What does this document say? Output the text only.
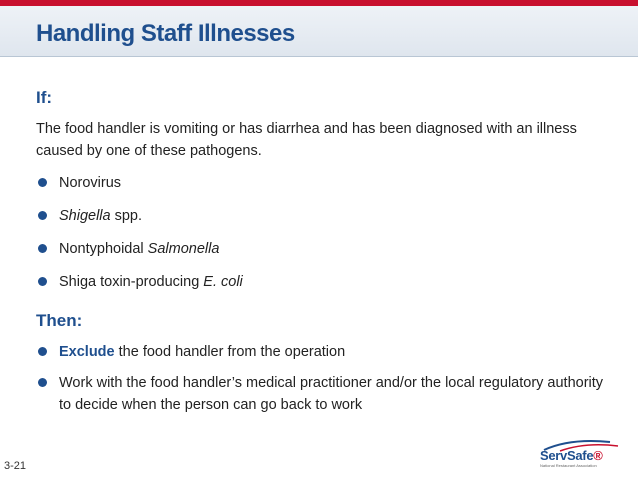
Handling Staff Illnesses
If:
The food handler is vomiting or has diarrhea and has been diagnosed with an illness caused by one of these pathogens.
Norovirus
Shigella spp.
Nontyphoidal Salmonella
Shiga toxin-producing E. coli
Then:
Exclude the food handler from the operation
Work with the food handler’s medical practitioner and/or the local regulatory authority to decide when the person can go back to work
3-21
ServSafe®
National Restaurant Association
